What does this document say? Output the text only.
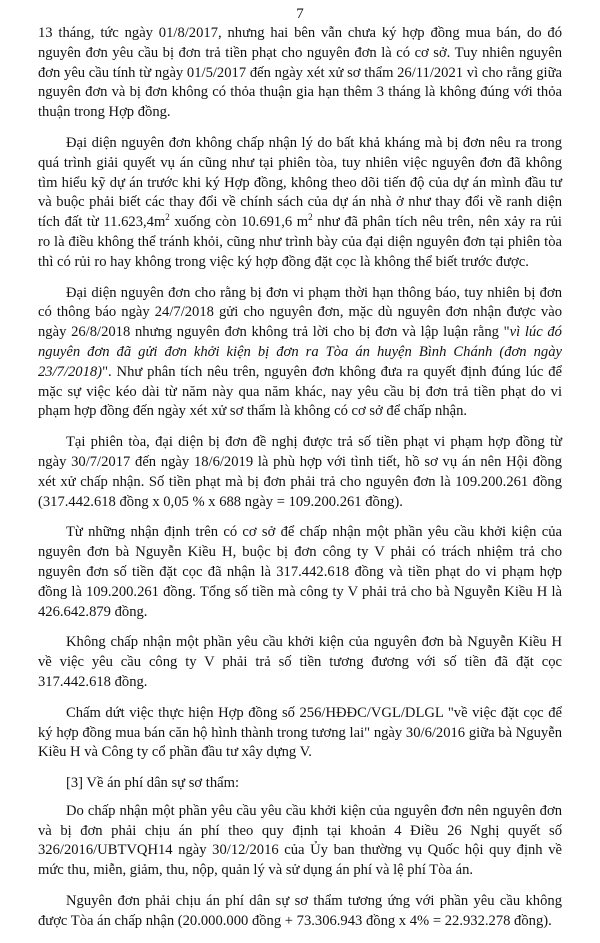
7

13 tháng, tức ngày 01/8/2017, nhưng hai bên vẫn chưa ký hợp đồng mua bán, do đó nguyên đơn yêu cầu bị đơn trả tiền phạt cho nguyên đơn là có cơ sở. Tuy nhiên nguyên đơn yêu cầu tính từ ngày 01/5/2017 đến ngày xét xử sơ thẩm 26/11/2021 vì cho rằng giữa nguyên đơn và bị đơn không có thỏa thuận gia hạn thêm 3 tháng là không đúng với thỏa thuận trong Hợp đồng.

Đại diện nguyên đơn không chấp nhận lý do bất khả kháng mà bị đơn nêu ra trong quá trình giải quyết vụ án cũng như tại phiên tòa, tuy nhiên việc nguyên đơn đã không tìm hiểu kỹ dự án trước khi ký Hợp đồng, không theo dõi tiến độ của dự án mình đầu tư và buộc phải biết các thay đổi về chính sách của dự án nhà ở như thay đổi về ranh diện tích đất từ $11.623,4m^2$ xuống còn 10.691,6 $m^2$ như đã phân tích nêu trên, nên xảy ra rủi ro là điều không thể tránh khỏi, cũng như trình bày của đại diện nguyên đơn tại phiên tòa thì có rủi ro hay không trong việc ký hợp đồng đặt cọc là không thể biết trước được.

Đại diện nguyên đơn cho rằng bị đơn vi phạm thời hạn thông báo, tuy nhiên bị đơn có thông báo ngày 24/7/2018 gửi cho nguyên đơn, mặc dù nguyên đơn nhận được vào ngày 26/8/2018 nhưng nguyên đơn không trả lời cho bị đơn và lập luận rằng "vì lúc đó nguyên đơn đã gửi đơn khởi kiện bị đơn ra Tòa án huyện Bình Chánh (đơn ngày 23/7/2018)". Như phân tích nêu trên, nguyên đơn không đưa ra quyết định đúng lúc để mặc sự việc kéo dài từ năm này qua năm khác, nay yêu cầu bị đơn trả tiền phạt do vi phạm hợp đồng đến ngày xét xử sơ thẩm là không có cơ sở để chấp nhận.

Tại phiên tòa, đại diện bị đơn đề nghị được trả số tiền phạt vi phạm hợp đồng từ ngày 30/7/2017 đến ngày 18/6/2019 là phù hợp với tình tiết, hồ sơ vụ án nên Hội đồng xét xử chấp nhận. Số tiền phạt mà bị đơn phải trả cho nguyên đơn là 109.200.261 đồng (317.442.618 đồng x 0,05 % x 688 ngày = 109.200.261 đồng).

Từ những nhận định trên có cơ sở để chấp nhận một phần yêu cầu khởi kiện của nguyên đơn bà Nguyễn Kiều H, buộc bị đơn công ty V phải có trách nhiệm trả cho nguyên đơn số tiền đặt cọc đã nhận là 317.442.618 đồng và tiền phạt do vi phạm hợp đồng là 109.200.261 đồng. Tổng số tiền mà công ty V phải trả cho bà Nguyễn Kiều H là 426.642.879 đồng.

Không chấp nhận một phần yêu cầu khởi kiện của nguyên đơn bà Nguyễn Kiều H về việc yêu cầu công ty V phải trả số tiền tương đương với số tiền đã đặt cọc 317.442.618 đồng.

Chấm dứt việc thực hiện Hợp đồng số 256/HĐĐC/VGL/DLGL "về việc đặt cọc để ký hợp đồng mua bán căn hộ hình thành trong tương lai" ngày 30/6/2016 giữa bà Nguyễn Kiều H và Công ty cổ phần đầu tư xây dựng V.

[3] Về án phí dân sự sơ thẩm:

Do chấp nhận một phần yêu cầu yêu cầu khởi kiện của nguyên đơn nên nguyên đơn và bị đơn phải chịu án phí theo quy định tại khoản 4 Điều 26 Nghị quyết số 326/2016/UBTVQH14 ngày 30/12/2016 của Ủy ban thường vụ Quốc hội quy định về mức thu, miễn, giảm, thu, nộp, quản lý và sử dụng án phí và lệ phí Tòa án.

Nguyên đơn phải chịu án phí dân sự sơ thẩm tương ứng với phần yêu cầu không được Tòa án chấp nhận (20.000.000 đồng + 73.306.943 đồng x 4% = 22.932.278 đồng).
